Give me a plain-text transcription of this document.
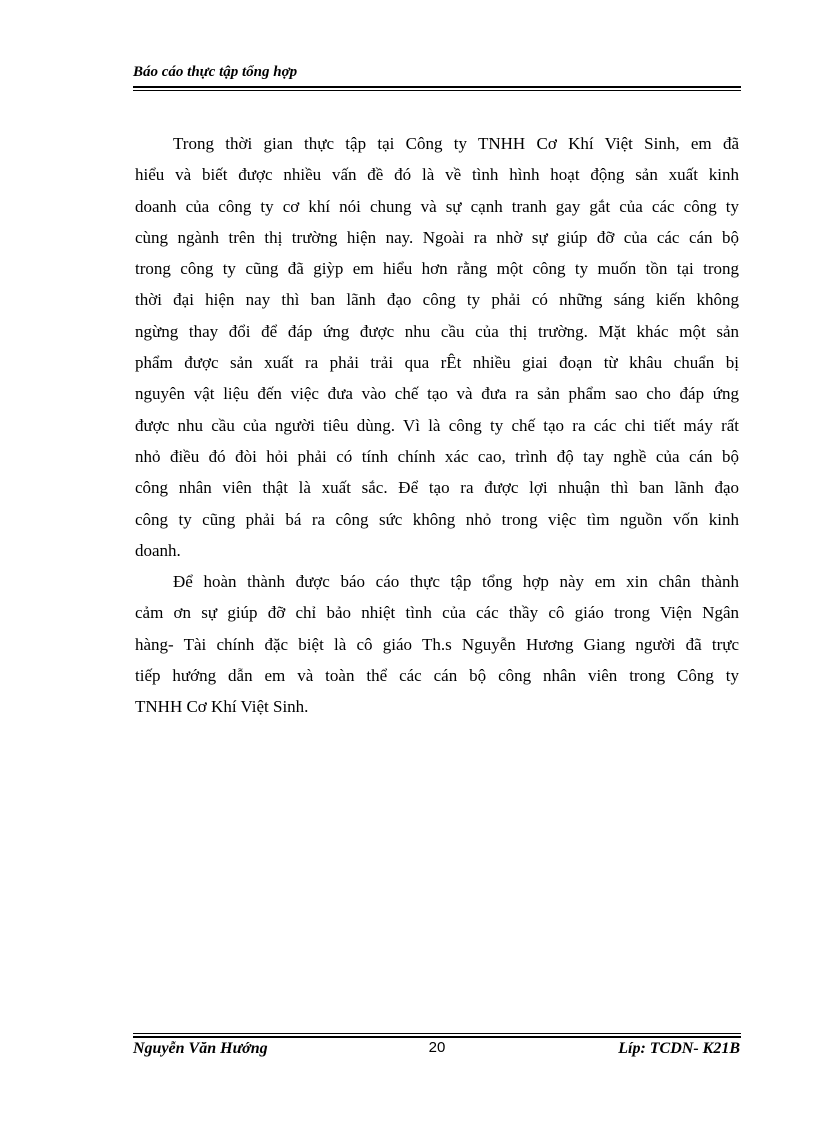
Báo cáo thực tập tổng hợp
Trong thời gian thực tập tại Công ty TNHH Cơ Khí Việt Sinh, em đã
hiểu và biết được nhiều vấn đề đó là về tình hình hoạt động sản xuất kinh
doanh của công ty cơ khí nói chung và sự cạnh tranh gay gắt của các công ty
cùng ngành trên thị trường hiện nay. Ngoài ra nhờ sự giúp đỡ của các cán bộ
trong công ty cũng đã giỳp em hiểu hơn rằng một công ty muốn tồn tại trong
thời đại hiện nay thì ban lãnh đạo công ty phải có những sáng kiến không
ngừng thay đổi để đáp ứng được nhu cầu của thị trường. Mặt khác một sản
phẩm được sản xuất ra phải trải qua rÊt nhiều giai đoạn từ khâu chuẩn bị
nguyên vật liệu đến việc đưa vào chế tạo và đưa ra sản phẩm sao cho đáp ứng
được nhu cầu của người tiêu dùng. Vì là công ty chế tạo ra các chi tiết máy rất
nhỏ điều đó đòi hỏi phải có tính chính xác cao, trình độ tay nghề của cán bộ
công nhân viên thật là xuất sắc. Để tạo ra được lợi nhuận thì ban lãnh đạo
công ty cũng phải bá ra công sức không nhỏ trong việc tìm nguồn vốn kinh
doanh.
Để hoàn thành được báo cáo thực tập tổng hợp này em xin chân thành
cảm ơn sự giúp đỡ chỉ bảo nhiệt tình của các thầy cô giáo trong Viện Ngân
hàng- Tài chính đặc biệt là cô giáo Th.s Nguyễn Hương Giang người đã trực
tiếp hướng dẫn em và toàn thể các cán bộ công nhân viên trong Công ty
TNHH Cơ Khí Việt Sinh.
Nguyễn Văn Hướng	20	Líp: TCDN- K21B
